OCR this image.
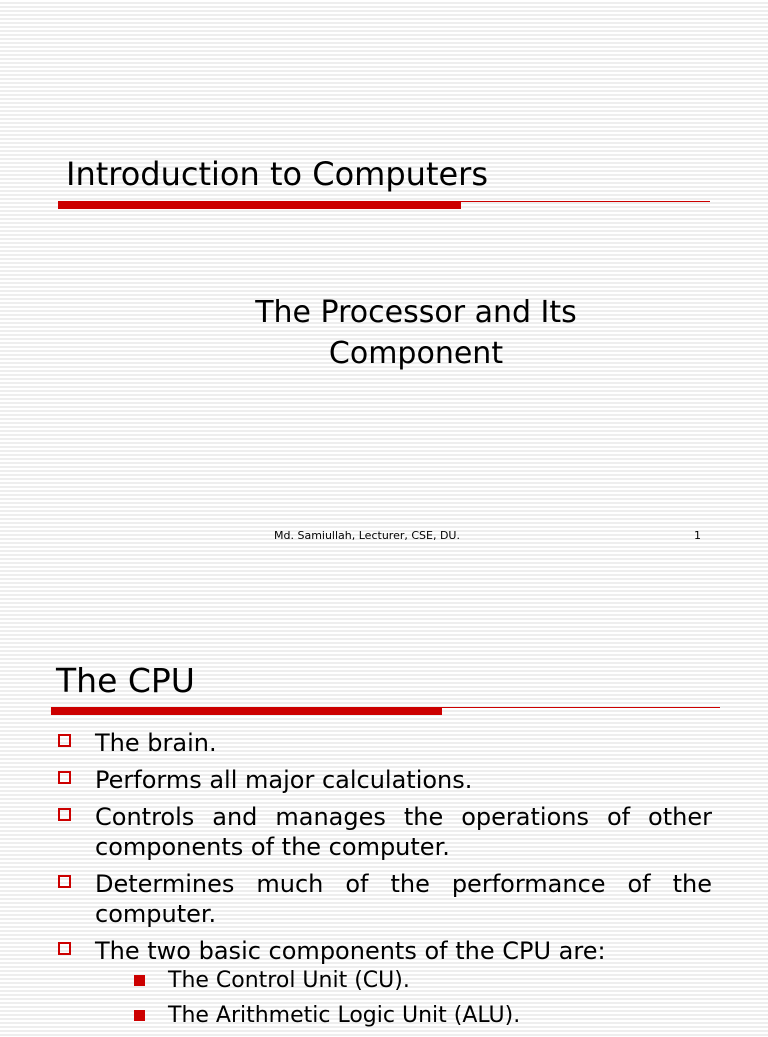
Introduction to Computers
The Processor and Its Component
Md. Samiullah, Lecturer, CSE, DU.	1
The CPU
The brain.
Performs all major calculations.
Controls and manages the operations of other components of the computer.
Determines much of the performance of the computer.
The two basic components of the CPU are:
The Control Unit (CU).
The Arithmetic Logic Unit (ALU).
